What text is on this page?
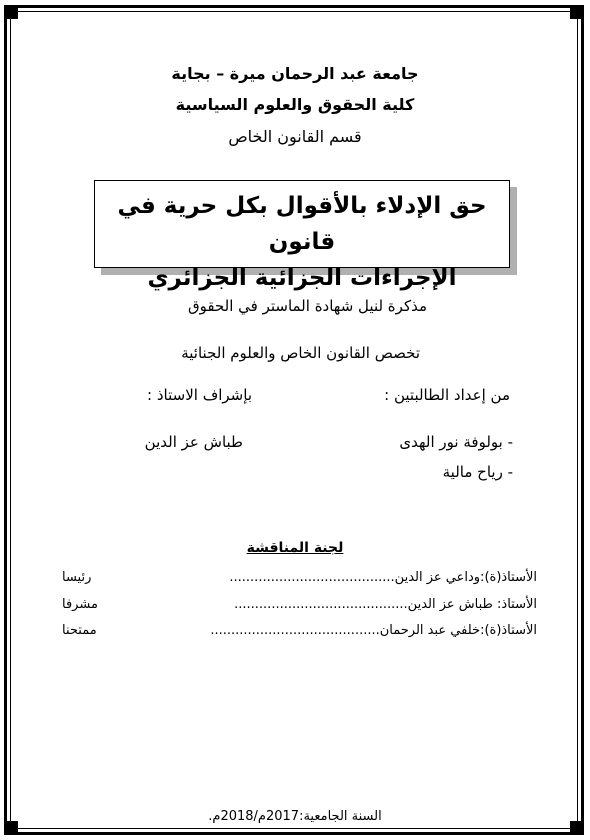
جامعة عبد الرحمان ميرة – بجاية
كلية الحقوق والعلوم السياسية
قسم القانون الخاص
حق الإدلاء بالأقوال بكل حرية في قانون
الإجراءات الجزائية الجزائري
مذكرة لنيل شهادة الماستر في الحقوق
تخصص القانون الخاص والعلوم الجنائية
من إعداد الطالبتين :
بإشراف الاستاذ :
- بولوفة نور الهدى
- رياح مالية
طباش عز الدين
لجنة المناقشة
الأستاذ(ة):وداعي عز الدين........................................
رئيسا
الأستاذ: طباش عز الدين..........................................
مشرفا
الأستاذ(ة):خلفي عبد الرحمان.........................................
ممتحنا
السنة الجامعية:2017م/2018م.
